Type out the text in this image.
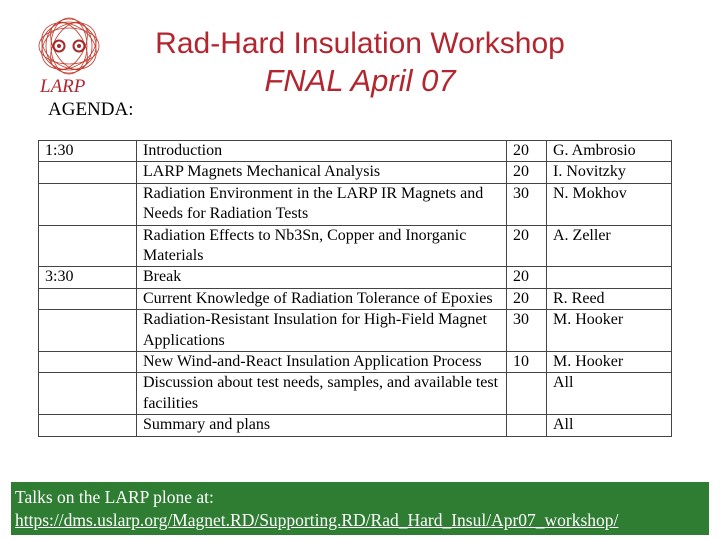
LARP
AGENDA:
Rad-Hard Insulation Workshop
FNAL April 07
1:30	Introduction	20	G. Ambrosio
	LARP Magnets Mechanical Analysis	20	I. Novitzky
	Radiation Environment in the LARP IR Magnets and Needs for Radiation Tests	30	N. Mokhov
	Radiation Effects to Nb3Sn, Copper and Inorganic Materials	20	A. Zeller
3:30	Break	20	
	Current Knowledge of Radiation Tolerance of Epoxies	20	R. Reed
	Radiation-Resistant Insulation for High-Field Magnet Applications	30	M. Hooker
	New Wind-and-React Insulation Application Process	10	M. Hooker
	Discussion about test needs, samples, and available test facilities		All
	Summary and plans		All
Talks on the LARP plone at:
https://dms.uslarp.org/Magnet.RD/Supporting.RD/Rad_Hard_Insul/Apr07_workshop/
